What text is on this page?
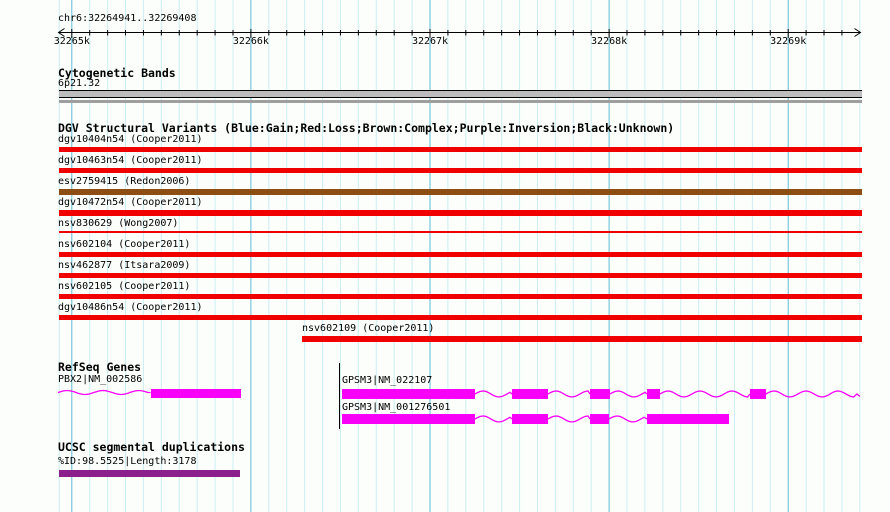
chr6:32264941..32269408
Cytogenetic Bands
6p21.32
DGV Structural Variants (Blue:Gain;Red:Loss;Brown:Complex;Purple:Inversion;Black:Unknown)
RefSeq Genes
UCSC segmental duplications
%ID:98.5525|Length:3178
32265k	32266k	32267k	32268k	32269k
dgv10404n54 (Cooper2011)
dgv10463n54 (Cooper2011)
esv2759415 (Redon2006)
dgv10472n54 (Cooper2011)
nsv830629 (Wong2007)
nsv602104 (Cooper2011)
nsv462877 (Itsara2009)
nsv602105 (Cooper2011)
dgv10486n54 (Cooper2011)
nsv602109 (Cooper2011)
PBX2|NM_002586	GPSM3|NM_022107
GPSM3|NM_001276501
